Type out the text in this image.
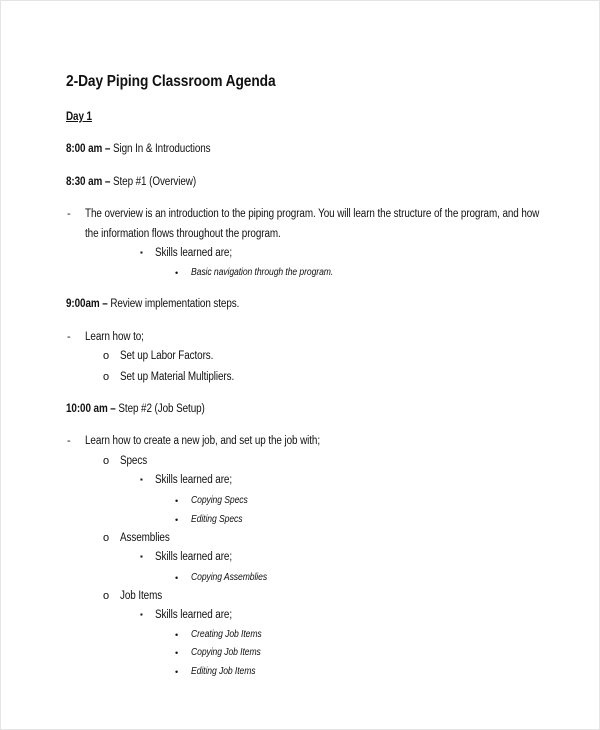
2-Day Piping Classroom Agenda
Day 1
8:00 am – Sign In & Introductions
8:30 am – Step #1 (Overview)
- The overview is an introduction to the piping program. You will learn the structure of the program, and how
the information flows throughout the program.
▪ Skills learned are;
• Basic navigation through the program.
9:00am – Review implementation steps.
- Learn how to;
o Set up Labor Factors.
o Set up Material Multipliers.
10:00 am – Step #2 (Job Setup)
- Learn how to create a new job, and set up the job with;
o Specs
▪ Skills learned are;
• Copying Specs
• Editing Specs
o Assemblies
▪ Skills learned are;
• Copying Assemblies
o Job Items
▪ Skills learned are;
• Creating Job Items
• Copying Job Items
• Editing Job Items
